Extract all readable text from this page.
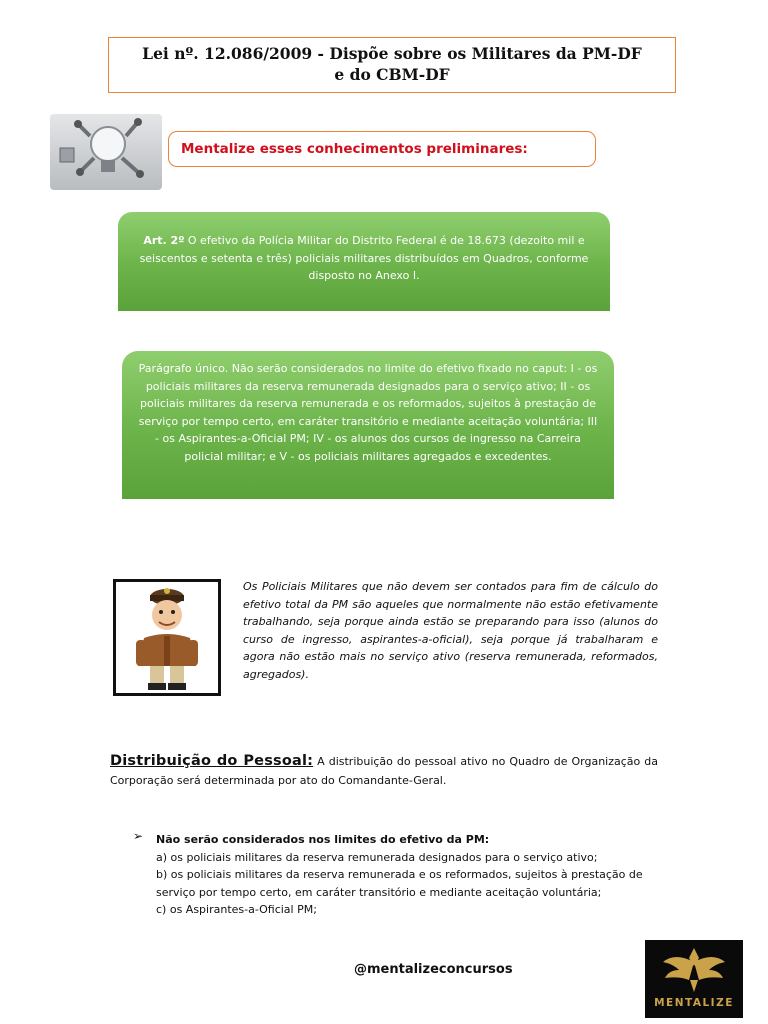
Lei nº. 12.086/2009 - Dispõe sobre os Militares da PM-DF
e do CBM-DF
Mentalize esses conhecimentos preliminares:
Art. 2º O efetivo da Polícia Militar do Distrito Federal é de 18.673 (dezoito mil e seiscentos e setenta e três) policiais militares distribuídos em Quadros, conforme disposto no Anexo I.
Parágrafo único. Não serão considerados no limite do efetivo fixado no caput: I - os policiais militares da reserva remunerada designados para o serviço ativo; II - os policiais militares da reserva remunerada e os reformados, sujeitos à prestação de serviço por tempo certo, em caráter transitório e mediante aceitação voluntária; III - os Aspirantes-a-Oficial PM; IV - os alunos dos cursos de ingresso na Carreira policial militar; e V - os policiais militares agregados e excedentes.
Os Policiais Militares que não devem ser contados para fim de cálculo do efetivo total da PM são aqueles que normalmente não estão efetivamente trabalhando, seja porque ainda estão se preparando para isso (alunos do curso de ingresso, aspirantes-a-oficial), seja porque já trabalharam e agora não estão mais no serviço ativo (reserva remunerada, reformados, agregados).
Distribuição do Pessoal: A distribuição do pessoal ativo no Quadro de Organização da Corporação será determinada por ato do Comandante-Geral.
➢ Não serão considerados nos limites do efetivo da PM:
a) os policiais militares da reserva remunerada designados para o serviço ativo;
b) os policiais militares da reserva remunerada e os reformados, sujeitos à prestação de serviço por tempo certo, em caráter transitório e mediante aceitação voluntária;
c) os Aspirantes-a-Oficial PM;
@mentalizeconcursos
MENTALIZE
